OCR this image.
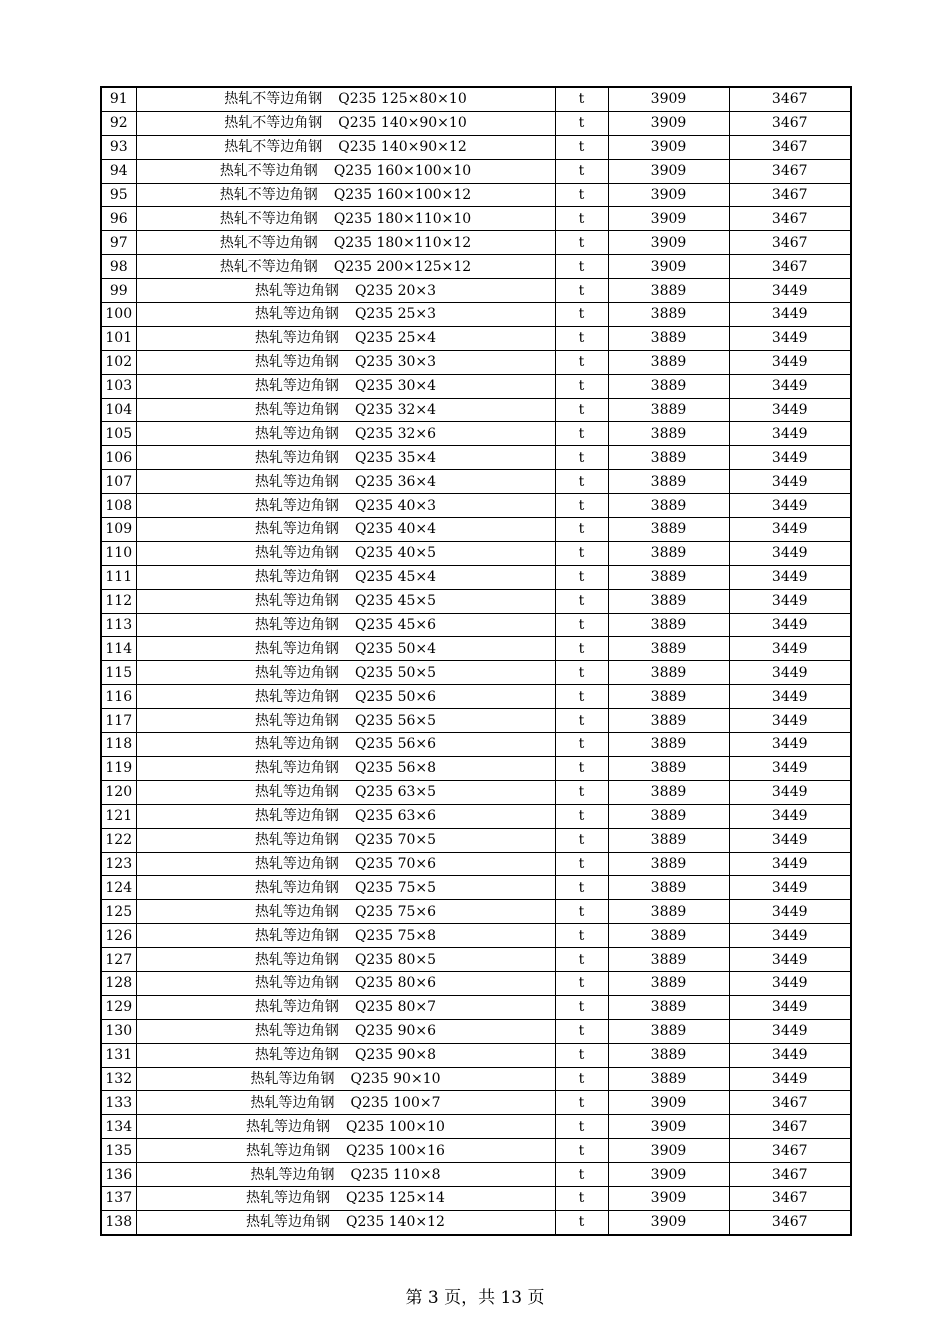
91	热轧不等边角钢 Q235 125×80×10	t	3909	3467
92	热轧不等边角钢 Q235 140×90×10	t	3909	3467
93	热轧不等边角钢 Q235 140×90×12	t	3909	3467
94	热轧不等边角钢 Q235 160×100×10	t	3909	3467
95	热轧不等边角钢 Q235 160×100×12	t	3909	3467
96	热轧不等边角钢 Q235 180×110×10	t	3909	3467
97	热轧不等边角钢 Q235 180×110×12	t	3909	3467
98	热轧不等边角钢 Q235 200×125×12	t	3909	3467
99	热轧等边角钢 Q235 20×3	t	3889	3449
100	热轧等边角钢 Q235 25×3	t	3889	3449
101	热轧等边角钢 Q235 25×4	t	3889	3449
102	热轧等边角钢 Q235 30×3	t	3889	3449
103	热轧等边角钢 Q235 30×4	t	3889	3449
104	热轧等边角钢 Q235 32×4	t	3889	3449
105	热轧等边角钢 Q235 32×6	t	3889	3449
106	热轧等边角钢 Q235 35×4	t	3889	3449
107	热轧等边角钢 Q235 36×4	t	3889	3449
108	热轧等边角钢 Q235 40×3	t	3889	3449
109	热轧等边角钢 Q235 40×4	t	3889	3449
110	热轧等边角钢 Q235 40×5	t	3889	3449
111	热轧等边角钢 Q235 45×4	t	3889	3449
112	热轧等边角钢 Q235 45×5	t	3889	3449
113	热轧等边角钢 Q235 45×6	t	3889	3449
114	热轧等边角钢 Q235 50×4	t	3889	3449
115	热轧等边角钢 Q235 50×5	t	3889	3449
116	热轧等边角钢 Q235 50×6	t	3889	3449
117	热轧等边角钢 Q235 56×5	t	3889	3449
118	热轧等边角钢 Q235 56×6	t	3889	3449
119	热轧等边角钢 Q235 56×8	t	3889	3449
120	热轧等边角钢 Q235 63×5	t	3889	3449
121	热轧等边角钢 Q235 63×6	t	3889	3449
122	热轧等边角钢 Q235 70×5	t	3889	3449
123	热轧等边角钢 Q235 70×6	t	3889	3449
124	热轧等边角钢 Q235 75×5	t	3889	3449
125	热轧等边角钢 Q235 75×6	t	3889	3449
126	热轧等边角钢 Q235 75×8	t	3889	3449
127	热轧等边角钢 Q235 80×5	t	3889	3449
128	热轧等边角钢 Q235 80×6	t	3889	3449
129	热轧等边角钢 Q235 80×7	t	3889	3449
130	热轧等边角钢 Q235 90×6	t	3889	3449
131	热轧等边角钢 Q235 90×8	t	3889	3449
132	热轧等边角钢 Q235 90×10	t	3889	3449
133	热轧等边角钢 Q235 100×7	t	3909	3467
134	热轧等边角钢 Q235 100×10	t	3909	3467
135	热轧等边角钢 Q235 100×16	t	3909	3467
136	热轧等边角钢 Q235 110×8	t	3909	3467
137	热轧等边角钢 Q235 125×14	t	3909	3467
138	热轧等边角钢 Q235 140×12	t	3909	3467
第 3 页，共 13 页
